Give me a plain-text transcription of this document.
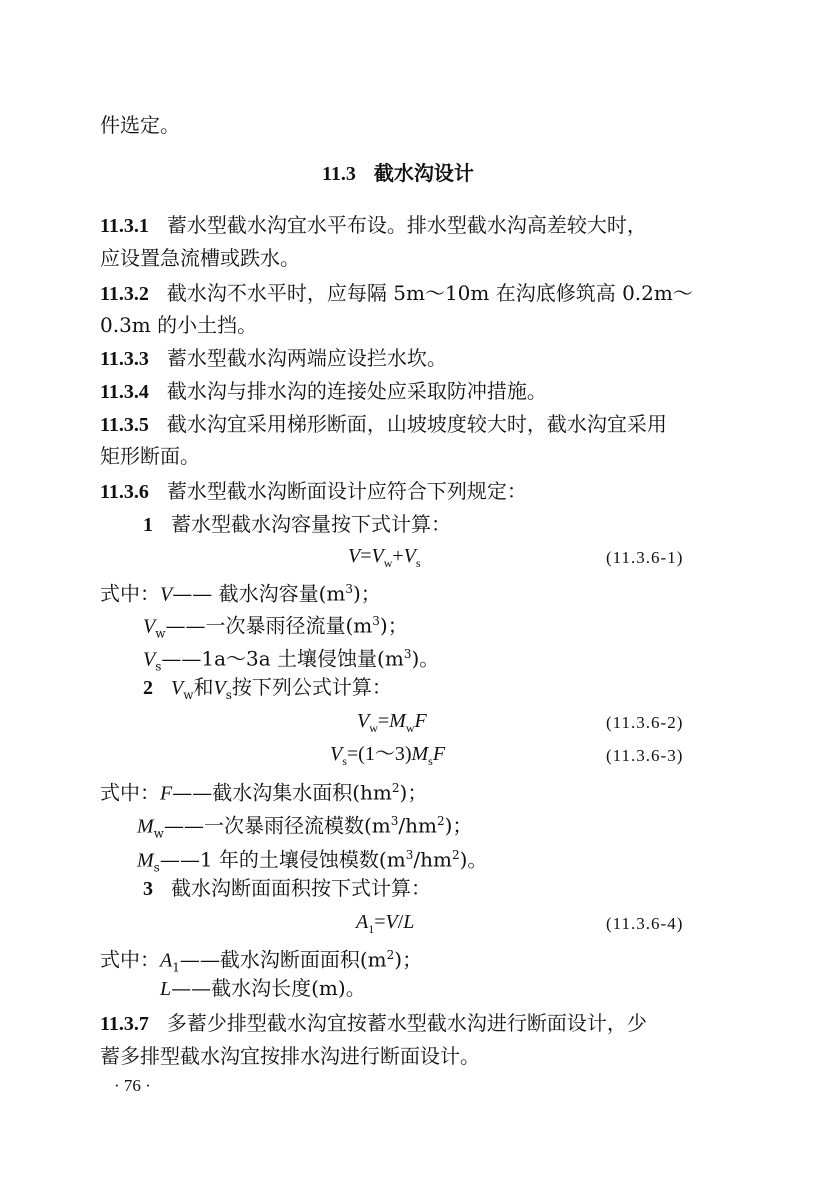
件选定。
11.3 截水沟设计
11.3.1 蓄水型截水沟宜水平布设。排水型截水沟高差较大时，
应设置急流槽或跌水。
11.3.2 截水沟不水平时，应每隔 5m～10m 在沟底修筑高 0.2m～
0.3m 的小土挡。
11.3.3 蓄水型截水沟两端应设拦水坎。
11.3.4 截水沟与排水沟的连接处应采取防冲措施。
11.3.5 截水沟宜采用梯形断面，山坡坡度较大时，截水沟宜采用
矩形断面。
11.3.6 蓄水型截水沟断面设计应符合下列规定：
1 蓄水型截水沟容量按下式计算：
$V=V_w+V_s$	(11.3.6-1)
式中：V—— 截水沟容量$(m^3)$；
$V_w——$一次暴雨径流量$(m^3)$；
$V_s——1a\sim 3a$ 土壤侵蚀量$(m^3)$。
2 $V_w$和$V_s$按下列公式计算：
$V_w=M_wF$	(11.3.6-2)
$V_s=(1\sim 3)M_sF$	(11.3.6-3)
式中：F——截水沟集水面积$(hm^2)$；
$M_w——$一次暴雨径流模数$(m^3/hm^2)$；
$M_s——1$ 年的土壤侵蚀模数$(m^3/hm^2)$。
3 截水沟断面面积按下式计算：
$A_1=V/L$	(11.3.6-4)
式中：$A_1——$截水沟断面面积$(m^2)$；
L——截水沟长度(m)。
11.3.7 多蓄少排型截水沟宜按蓄水型截水沟进行断面设计，少
蓄多排型截水沟宜按排水沟进行断面设计。
· 76 ·
